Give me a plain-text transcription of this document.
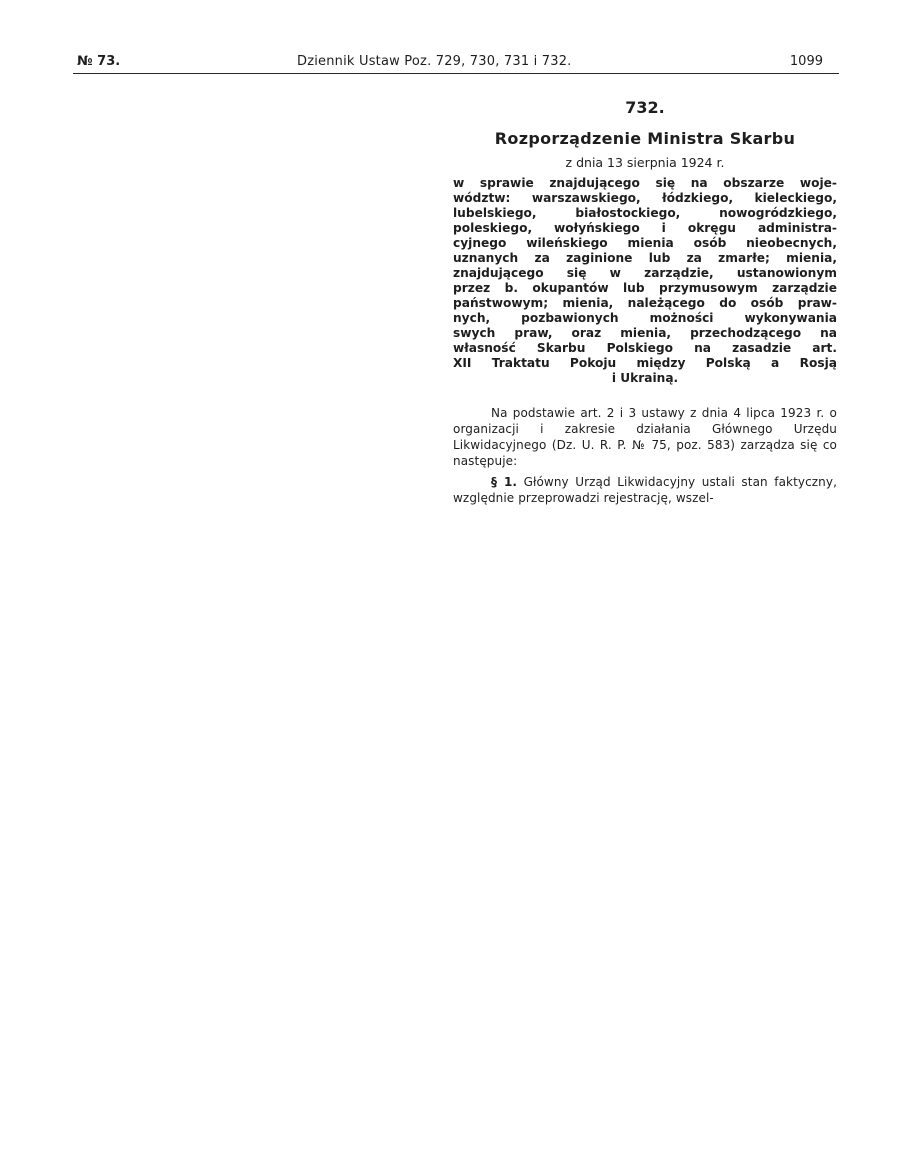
№ 73.	Dziennik Ustaw Poz. 729, 730, 731 i 732.	1099
732.
Rozporządzenie Ministra Skarbu
z dnia 13 sierpnia 1924 r.
w sprawie znajdującego się na obszarze woje-
wództw: warszawskiego, łódzkiego, kieleckiego,
lubelskiego, białostockiego, nowogródzkiego,
poleskiego, wołyńskiego i okręgu administra-
cyjnego wileńskiego mienia osób nieobecnych,
uznanych za zaginione lub za zmarłe; mienia,
znajdującego się w zarządzie, ustanowionym
przez b. okupantów lub przymusowym zarządzie
państwowym; mienia, należącego do osób praw-
nych, pozbawionych możności wykonywania
swych praw, oraz mienia, przechodzącego na
własność Skarbu Polskiego na zasadzie art.
XII Traktatu Pokoju między Polską a Rosją
i Ukrainą.

Na podstawie art. 2 i 3 ustawy z dnia 4 lipca 1923 r. o organizacji i zakresie działania Głównego Urzędu Likwidacyjnego (Dz. U. R. P. № 75, poz. 583) zarządza się co następuje:

§ 1. Główny Urząd Likwidacyjny ustali stan faktyczny, względnie przeprowadzi rejestrację, wszel-
